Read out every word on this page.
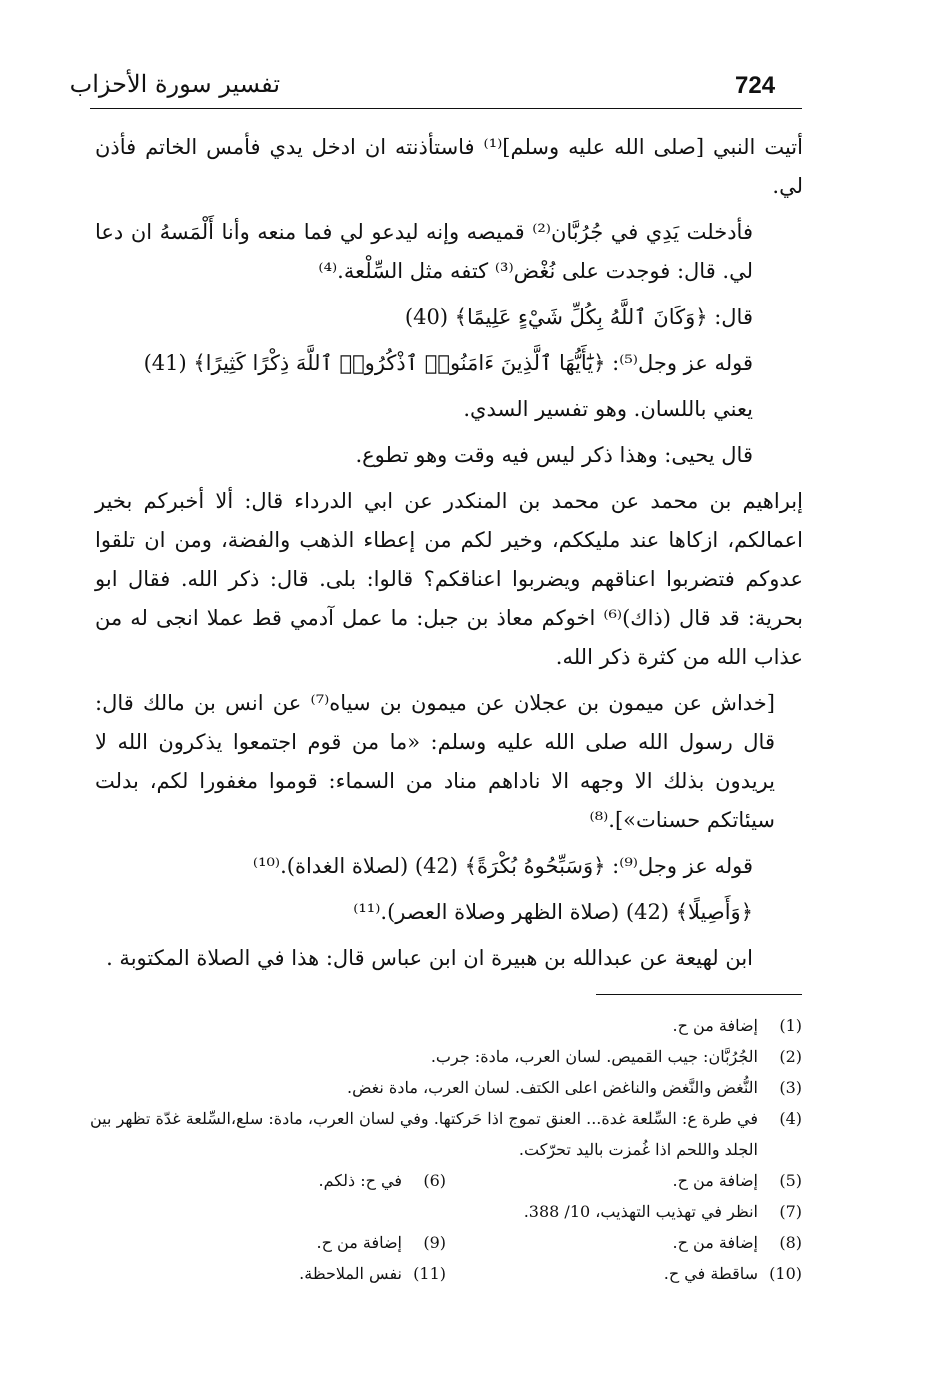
تفسير سورة الأحزاب	724

أتيت النبي [صلى الله عليه وسلم]⁽¹⁾ فاستأذنته ان ادخل يدي فأمس الخاتم فأذن لي.

فأدخلت يَدِي في جُرُبَّان⁽²⁾ قميصه وإنه ليدعو لي فما منعه وأنا أَلْمَسهُ ان دعا لي. قال: فوجدت على نُغْض⁽³⁾ كتفه مثل السِّلْعة.⁽⁴⁾

قال: ﴿وَكَانَ ٱللَّهُ بِكُلِّ شَيْءٍ عَلِيمًا﴾ (40)

قوله عز وجل⁽⁵⁾: ﴿يَٰٓأَيُّهَا ٱلَّذِينَ ءَامَنُوا۟ ٱذْكُرُوا۟ ٱللَّهَ ذِكْرًا كَثِيرًا﴾ (41)

يعني باللسان. وهو تفسير السدي.

قال يحيى: وهذا ذكر ليس فيه وقت وهو تطوع.

إبراهيم بن محمد عن محمد بن المنكدر عن ابي الدرداء قال: ألا أخبركم بخير اعمالكم، ازكاها عند مليككم، وخير لكم من إعطاء الذهب والفضة، ومن ان تلقوا عدوكم فتضربوا اعناقهم ويضربوا اعناقكم؟ قالوا: بلى. قال: ذكر الله. فقال ابو بحرية: قد قال (ذاك)⁽⁶⁾ اخوكم معاذ بن جبل: ما عمل آدمي قط عملا انجى له من عذاب الله من كثرة ذكر الله.

[خداش عن ميمون بن عجلان عن ميمون بن سياه⁽⁷⁾ عن انس بن مالك قال: قال رسول الله صلى الله عليه وسلم: «ما من قوم اجتمعوا يذكرون الله لا يريدون بذلك الا وجهه الا ناداهم مناد من السماء: قوموا مغفورا لكم، بدلت سيئاتكم حسنات»].⁽⁸⁾

قوله عز وجل⁽⁹⁾: ﴿وَسَبِّحُوهُ بُكْرَةً﴾ (42) (لصلاة الغداة).⁽¹⁰⁾

﴿وَأَصِيلًا﴾ (42) (صلاة الظهر وصلاة العصر).⁽¹¹⁾

ابن لهيعة عن عبدالله بن هبيرة ان ابن عباس قال: هذا في الصلاة المكتوبة .

(1)
إضافة من ح.
(2)
الجُرُبَّان: جيب القميص. لسان العرب، مادة: جرب.
(3)
النُّغض والنَّغض والناغض اعلى الكتف. لسان العرب، مادة نغض.
(4)
في طرة ع: السِّلعة غدة... العنق تموج اذا حَركتها. وفي لسان العرب، مادة: سلع،السِّلعة غدّة تظهر بين الجلد واللحم اذا غُمزت باليد تحرّكت.
(5)
إضافة من ح.
(6)
في ح: ذلكم.
(7)
انظر في تهذيب التهذيب، 10/ 388.
(8)
إضافة من ح.
(9)
إضافة من ح.
(10)
ساقطة في ح.
(11)
نفس الملاحظة.
